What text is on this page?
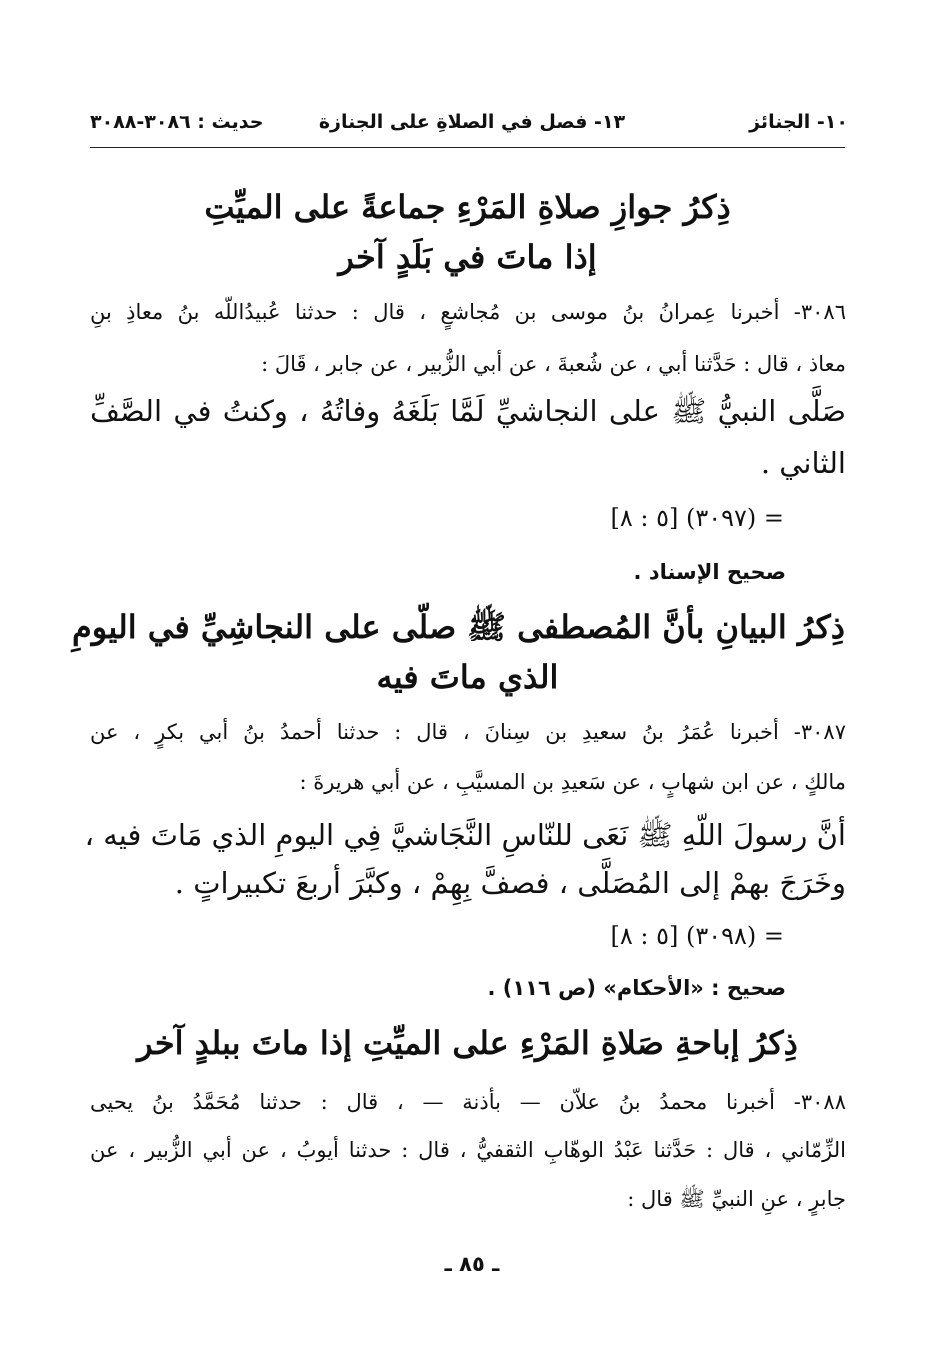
١٠- الجنائز
١٣- فصل في الصلاةِ على الجنازة
حديث : ٣٠٨٦-٣٠٨٨
ذِكرُ جوازِ صلاةِ المَرْءِ جماعةً على الميِّتِ
إذا ماتَ في بَلَدٍ آخر
٣٠٨٦- أخبرنا عِمرانُ بنُ موسى بن مُجاشعٍ ، قال : حدثنا عُبيدُاللّه بنُ معاذِ بنِ
معاذ ، قال : حَدَّثنا أبي ، عن شُعبةَ ، عن أبي الزُّبير ، عن جابر ، قَالَ :
صَلَّى النبيُّ ﷺ على النجاشيِّ لَمَّا بَلَغَهُ وفاتُهُ ، وكنتُ في الصَّفِّ
الثاني .
= (٣٠٩٧) [٥ : ٨]
صحيح الإسناد .
ذِكرُ البيانِ بأنَّ المُصطفى ﷺ صلّى على النجاشِيِّ في اليومِ
الذي ماتَ فيه
٣٠٨٧- أخبرنا عُمَرُ بنُ سعيدِ بن سِنانَ ، قال : حدثنا أحمدُ بنُ أبي بكرٍ ، عن
مالكٍ ، عن ابن شهابٍ ، عن سَعيدِ بن المسيَّبِ ، عن أبي هريرةَ :
أنَّ رسولَ اللّهِ ﷺ نَعَى للنّاسِ النَّجَاشيَّ فِي اليومِ الذي مَاتَ فيه ،
وخَرَجَ بهمْ إلى المُصَلَّى ، فصفَّ بِهِمْ ، وكبَّرَ أربعَ تكبيراتٍ .
= (٣٠٩٨) [٥ : ٨]
صحيح : «الأحكام» (ص ١١٦) .
ذِكرُ إباحةِ صَلاةِ المَرْءِ على الميِّتِ إذا ماتَ ببلدٍ آخر
٣٠٨٨- أخبرنا محمدُ بنُ علاّن — بأذنة — ، قال : حدثنا مُحَمَّدُ بنُ يحيى
الزِّمّاني ، قال : حَدَّثنا عَبْدُ الوهّابِ الثقفيُّ ، قال : حدثنا أيوبُ ، عن أبي الزُّبير ، عن
جابرٍ ، عنِ النبيِّ ﷺ قال :
ـ ٨٥ ـ
